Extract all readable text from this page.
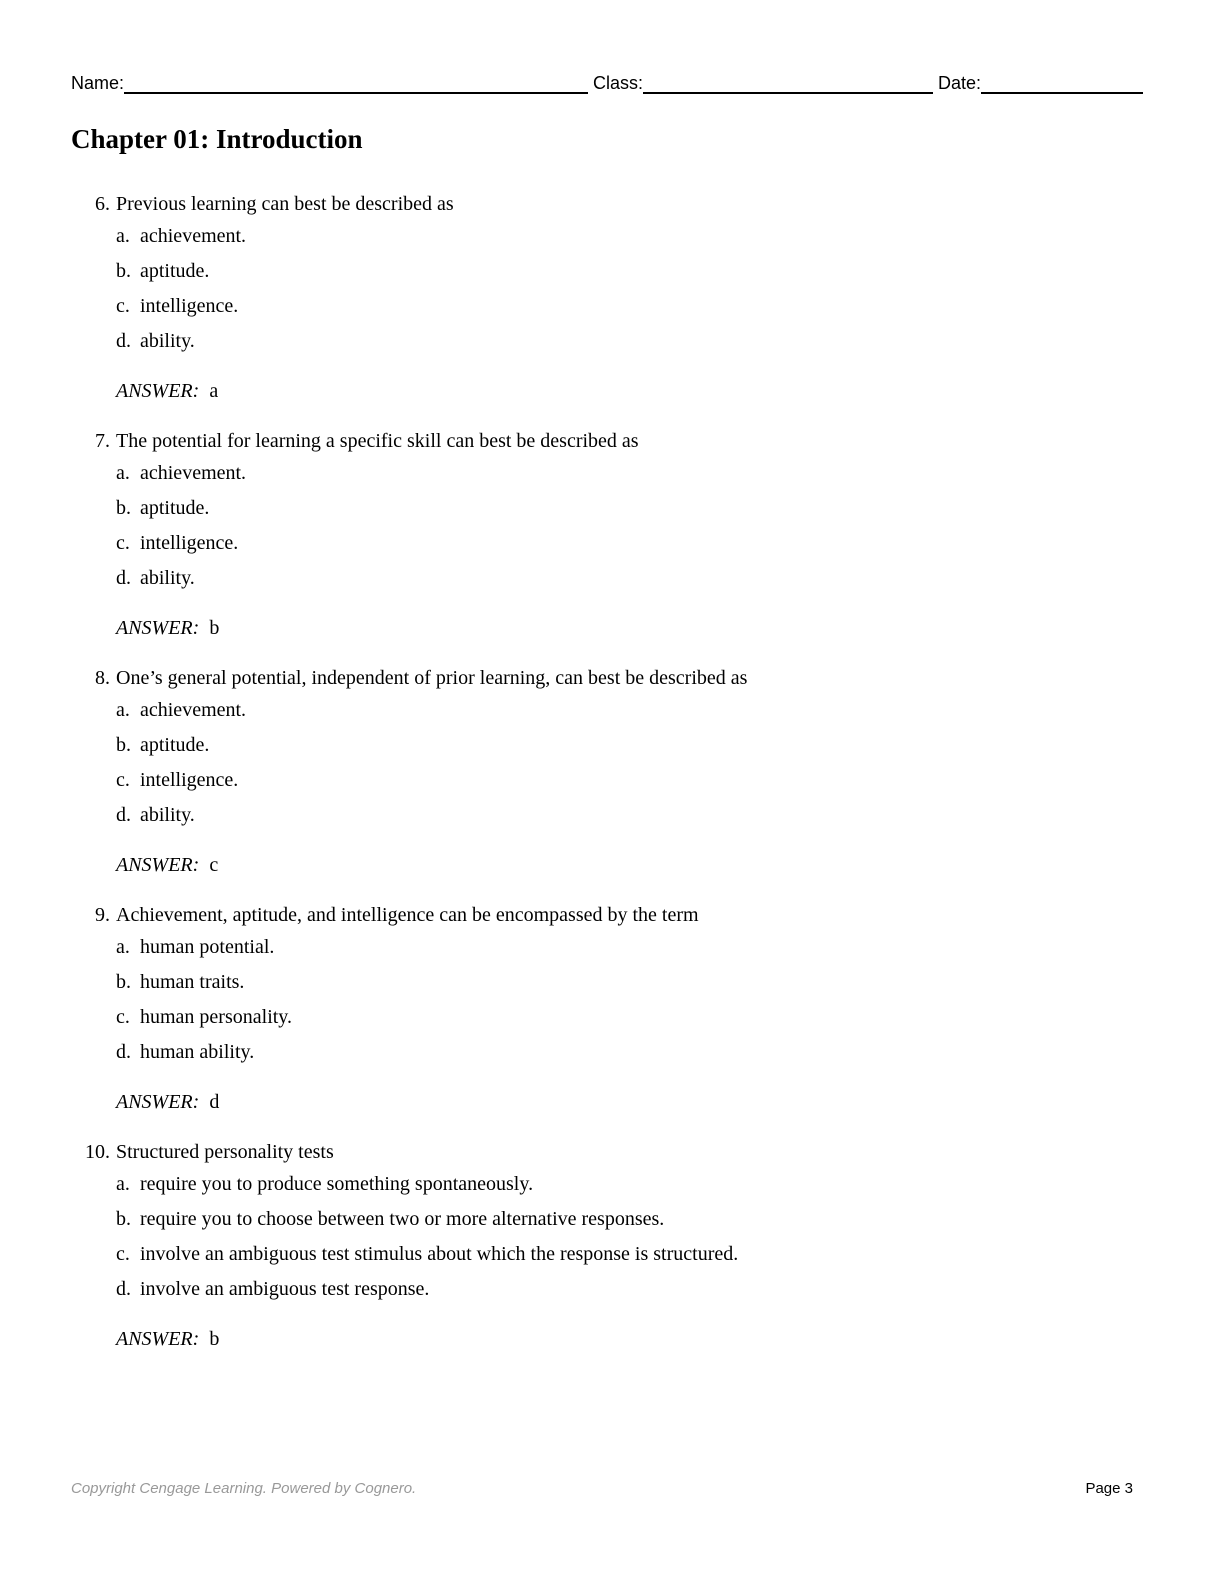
Name:	Class:	Date:
Chapter 01: Introduction
6. Previous learning can best be described as
a. achievement.
b. aptitude.
c. intelligence.
d. ability.
ANSWER: a
7. The potential for learning a specific skill can best be described as
a. achievement.
b. aptitude.
c. intelligence.
d. ability.
ANSWER: b
8. One’s general potential, independent of prior learning, can best be described as
a. achievement.
b. aptitude.
c. intelligence.
d. ability.
ANSWER: c
9. Achievement, aptitude, and intelligence can be encompassed by the term
a. human potential.
b. human traits.
c. human personality.
d. human ability.
ANSWER: d
10. Structured personality tests
a. require you to produce something spontaneously.
b. require you to choose between two or more alternative responses.
c. involve an ambiguous test stimulus about which the response is structured.
d. involve an ambiguous test response.
ANSWER: b
Copyright Cengage Learning. Powered by Cognero.	Page 3
